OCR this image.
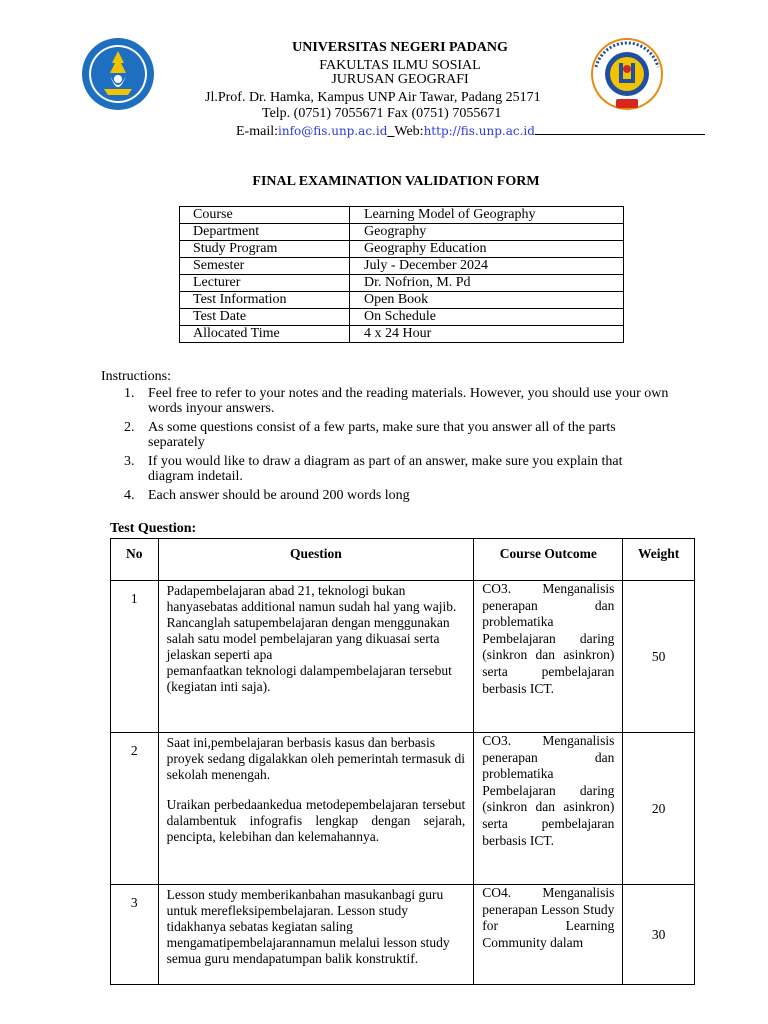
UNIVERSITAS NEGERI PADANG
FAKULTAS ILMU SOSIAL
JURUSAN GEOGRAFI
Jl.Prof. Dr. Hamka, Kampus UNP Air Tawar, Padang 25171
Telp. (0751) 7055671 Fax (0751) 7055671
E-mail:info@fis.unp.ac.id_Web:http://fis.unp.ac.id
FINAL EXAMINATION VALIDATION FORM
Course	Learning Model of Geography
Department	Geography
Study Program	Geography Education
Semester	July - December 2024
Lecturer	Dr. Nofrion, M. Pd
Test Information	Open Book
Test Date	On Schedule
Allocated Time	4 x 24 Hour
Instructions:
1. Feel free to refer to your notes and the reading materials. However, you should use your own words inyour answers.
2. As some questions consist of a few parts, make sure that you answer all of the parts separately
3. If you would like to draw a diagram as part of an answer, make sure you explain that diagram indetail.
4. Each answer should be around 200 words long
Test Question:
No	Question	Course Outcome	Weight
1	Padapembelajaran abad 21, teknologi bukan hanyasebatas additional namun sudah hal yang wajib. Rancanglah satupembelajaran dengan menggunakan salah satu model pembelajaran yang dikuasai serta jelaskan seperti apa
pemanfaatkan teknologi dalampembelajaran tersebut (kegiatan inti saja).	CO3. Menganalisis penerapan dan problematika Pembelajaran daring (sinkron dan asinkron) serta pembelajaran berbasis ICT.	50
2	Saat ini,pembelajaran berbasis kasus dan berbasis proyek sedang digalakkan oleh pemerintah termasuk di sekolah menengah.
Uraikan perbedaankedua metodepembelajaran tersebut dalambentuk infografis lengkap dengan sejarah, pencipta, kelebihan dan kelemahannya.	CO3. Menganalisis penerapan dan problematika Pembelajaran daring (sinkron dan asinkron) serta pembelajaran berbasis ICT.	20
3	Lesson study memberikanbahan masukanbagi guru untuk merefleksipembelajaran. Lesson study tidakhanya sebatas kegiatan saling mengamatipembelajarannamun melalui lesson study semua guru mendapatumpan balik konstruktif.	CO4. Menganalisis penerapan Lesson Study for Learning Community dalam	30
